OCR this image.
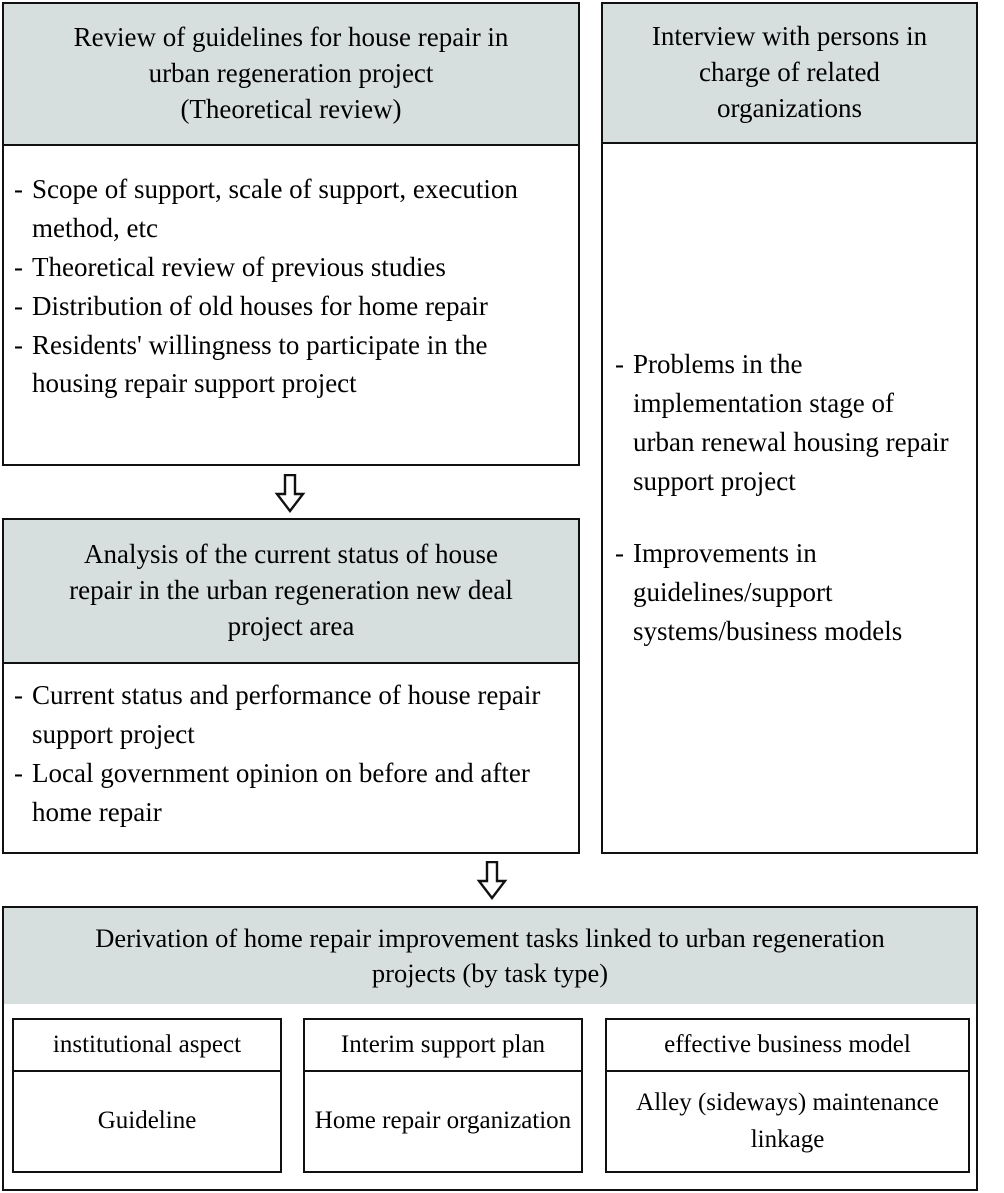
Review of guidelines for house repair in
urban regeneration project
(Theoretical review)
- Scope of support, scale of support, execution method, etc
- Theoretical review of previous studies
- Distribution of old houses for home repair
- Residents' willingness to participate in the housing repair support project
Interview with persons in
charge of related
organizations
- Problems in the implementation stage of urban renewal housing repair support project
- Improvements in guidelines/support systems/business models
Analysis of the current status of house
repair in the urban regeneration new deal
project area
- Current status and performance of house repair support project
- Local government opinion on before and after home repair
Derivation of home repair improvement tasks linked to urban regeneration
projects (by task type)
institutional aspect
Guideline
Interim support plan
Home repair organization
effective business model
Alley (sideways) maintenance linkage
